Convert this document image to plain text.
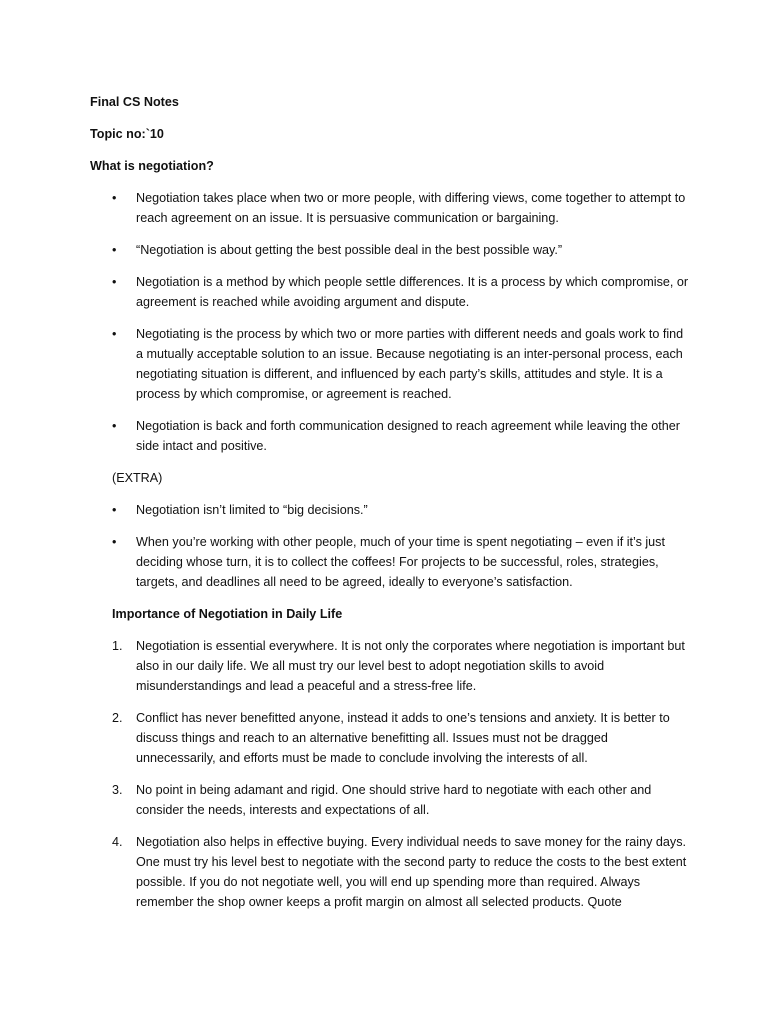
Final CS Notes

Topic no:`10

What is negotiation?

• Negotiation takes place when two or more people, with differing views, come together to attempt to reach agreement on an issue. It is persuasive communication or bargaining.
• “Negotiation is about getting the best possible deal in the best possible way.”
• Negotiation is a method by which people settle differences. It is a process by which compromise, or agreement is reached while avoiding argument and dispute.
• Negotiating is the process by which two or more parties with different needs and goals work to find a mutually acceptable solution to an issue. Because negotiating is an inter-personal process, each negotiating situation is different, and influenced by each party’s skills, attitudes and style. It is a process by which compromise, or agreement is reached.
• Negotiation is back and forth communication designed to reach agreement while leaving the other side intact and positive.

(EXTRA)

• Negotiation isn’t limited to “big decisions.”
• When you’re working with other people, much of your time is spent negotiating – even if it’s just deciding whose turn, it is to collect the coffees! For projects to be successful, roles, strategies, targets, and deadlines all need to be agreed, ideally to everyone’s satisfaction.

Importance of Negotiation in Daily Life

1. Negotiation is essential everywhere. It is not only the corporates where negotiation is important but also in our daily life. We all must try our level best to adopt negotiation skills to avoid misunderstandings and lead a peaceful and a stress-free life.
2. Conflict has never benefitted anyone, instead it adds to one’s tensions and anxiety. It is better to discuss things and reach to an alternative benefitting all. Issues must not be dragged unnecessarily, and efforts must be made to conclude involving the interests of all.
3. No point in being adamant and rigid. One should strive hard to negotiate with each other and consider the needs, interests and expectations of all.
4. Negotiation also helps in effective buying. Every individual needs to save money for the rainy days. One must try his level best to negotiate with the second party to reduce the costs to the best extent possible. If you do not negotiate well, you will end up spending more than required. Always remember the shop owner keeps a profit margin on almost all selected products. Quote
